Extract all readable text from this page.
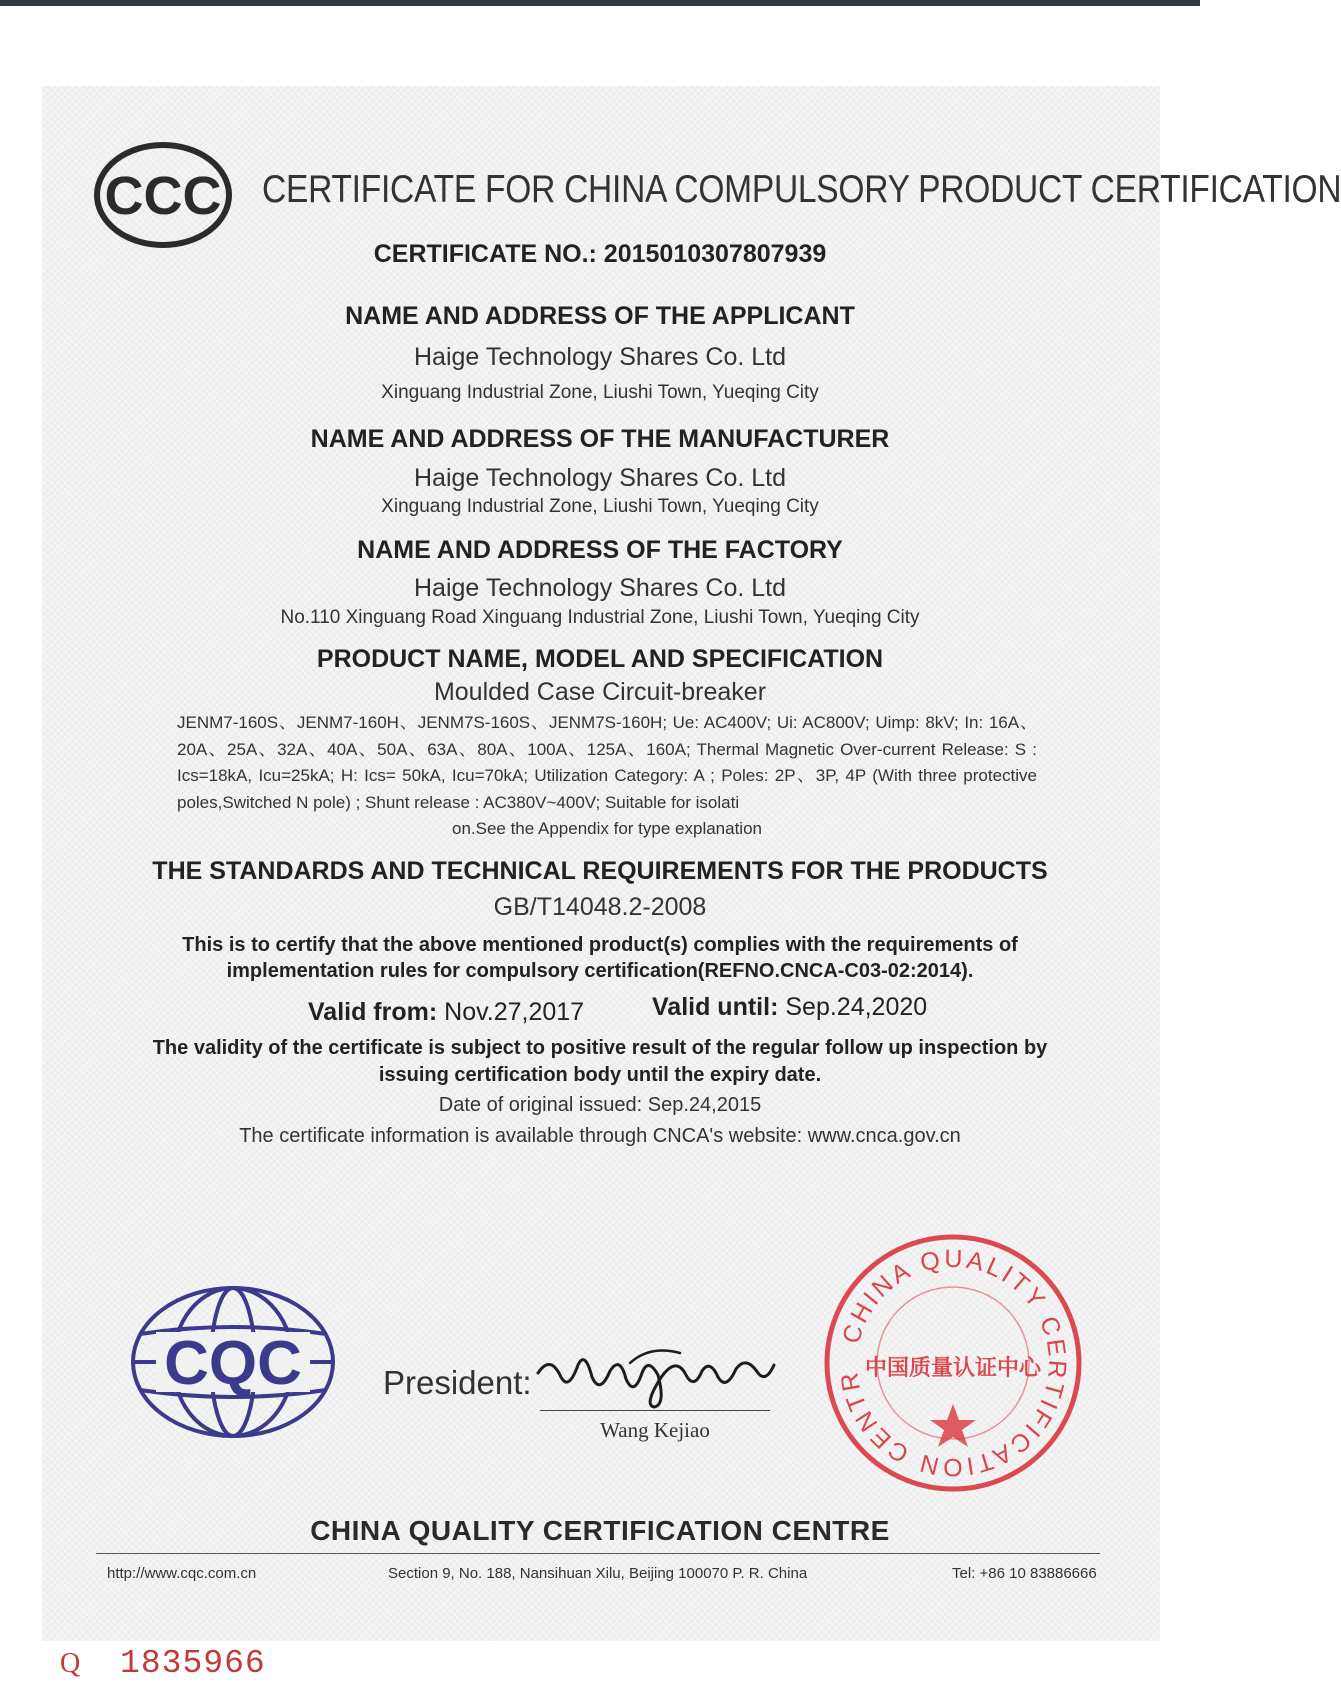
CCC CERTIFICATE FOR CHINA COMPULSORY PRODUCT CERTIFICATION
CERTIFICATE NO.: 2015010307807939
NAME AND ADDRESS OF THE APPLICANT
Haige Technology Shares Co. Ltd
Xinguang Industrial Zone, Liushi Town, Yueqing City
NAME AND ADDRESS OF THE MANUFACTURER
Haige Technology Shares Co. Ltd
Xinguang Industrial Zone, Liushi Town, Yueqing City
NAME AND ADDRESS OF THE FACTORY
Haige Technology Shares Co. Ltd
No.110 Xinguang Road Xinguang Industrial Zone, Liushi Town, Yueqing City
PRODUCT NAME, MODEL AND SPECIFICATION
Moulded Case Circuit-breaker
JENM7-160S、JENM7-160H、JENM7S-160S、JENM7S-160H; Ue: AC400V; Ui: AC800V; Uimp: 8kV; In: 16A、20A、25A、32A、40A、50A、63A、80A、100A、125A、160A; Thermal Magnetic Over-current Release: S : Ics=18kA, Icu=25kA; H: Ics= 50kA, Icu=70kA; Utilization Category: A ; Poles: 2P、3P, 4P (With three protective poles,Switched N pole) ; Shunt release : AC380V~400V; Suitable for isolati
on.See the Appendix for type explanation
THE STANDARDS AND TECHNICAL REQUIREMENTS FOR THE PRODUCTS
GB/T14048.2-2008
This is to certify that the above mentioned product(s) complies with the requirements of
implementation rules for compulsory certification(REFNO.CNCA-C03-02:2014).
Valid from: Nov.27,2017	Valid until: Sep.24,2020
The validity of the certificate is subject to positive result of the regular follow up inspection by
issuing certification body until the expiry date.
Date of original issued: Sep.24,2015
The certificate information is available through CNCA's website: www.cnca.gov.cn
CQC President:
Wang Kejiao
CHINA QUALITY CERTIFICATION CENTR
中国质量认证中心
CHINA QUALITY CERTIFICATION CENTRE
http://www.cqc.com.cn	Section 9, No. 188, Nansihuan Xilu, Beijing 100070 P. R. China	Tel: +86 10 83886666
Q 1835966
